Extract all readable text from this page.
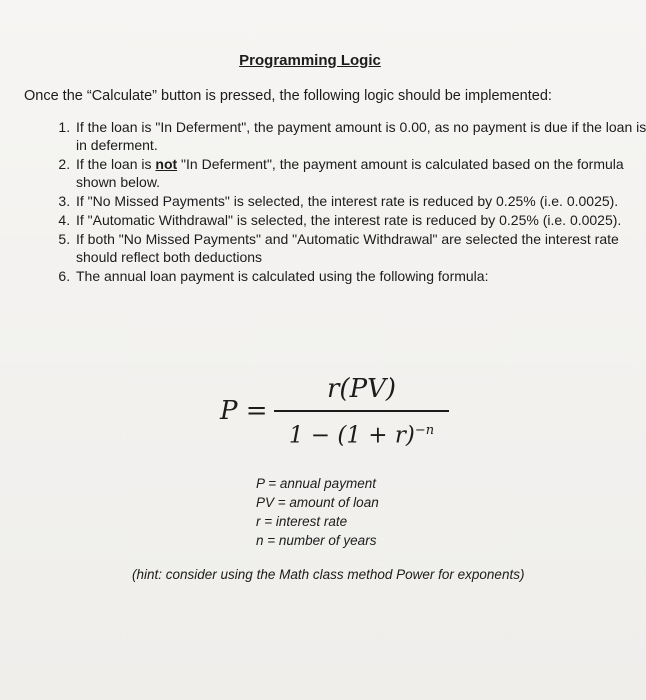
Programming Logic
Once the “Calculate” button is pressed, the following logic should be implemented:
1. If the loan is "In Deferment", the payment amount is 0.00, as no payment is due if the loan is in deferment.
2. If the loan is not "In Deferment", the payment amount is calculated based on the formula shown below.
3. If "No Missed Payments" is selected, the interest rate is reduced by 0.25% (i.e. 0.0025).
4. If "Automatic Withdrawal" is selected, the interest rate is reduced by 0.25% (i.e. 0.0025).
5. If both "No Missed Payments" and "Automatic Withdrawal" are selected the interest rate should reflect both deductions
6. The annual loan payment is calculated using the following formula:
P =
r(PV)
$1 - (1 + r)^{-n}$
P = annual payment
PV = amount of loan
r = interest rate
n = number of years
(hint: consider using the Math class method Power for exponents)
